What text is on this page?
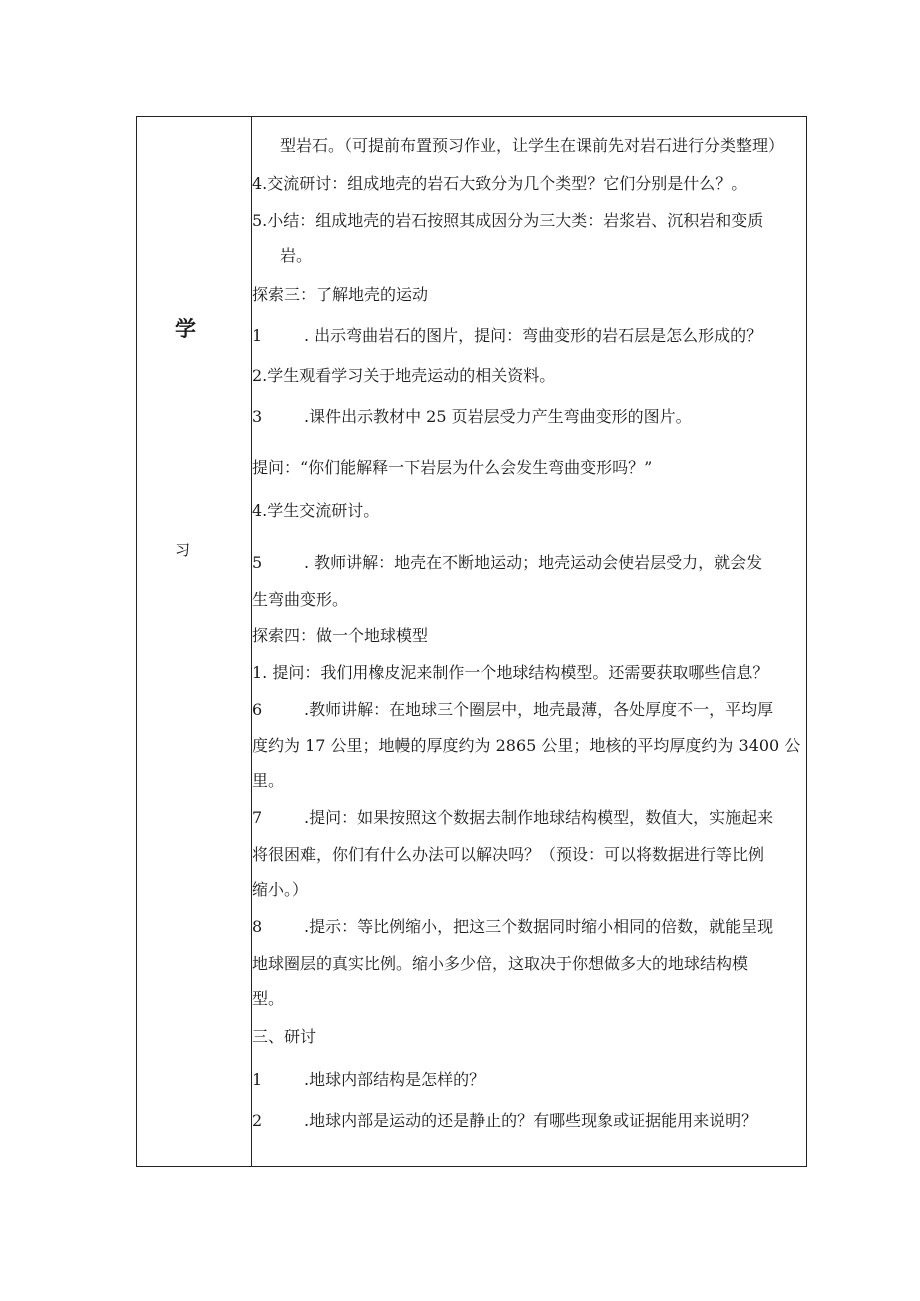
学
习
型岩石。（可提前布置预习作业，让学生在课前先对岩石进行分类整理）
4.交流研讨：组成地壳的岩石大致分为几个类型？它们分别是什么？。
5.小结：组成地壳的岩石按照其成因分为三大类：岩浆岩、沉积岩和变质
岩。
探索三：了解地壳的运动
1	. 出示弯曲岩石的图片，提问：弯曲变形的岩石层是怎么形成的？
2.学生观看学习关于地壳运动的相关资料。
3	.课件出示教材中 25 页岩层受力产生弯曲变形的图片。
提问：“你们能解释一下岩层为什么会发生弯曲变形吗？”
4.学生交流研讨。
5	. 教师讲解：地壳在不断地运动；地壳运动会使岩层受力，就会发
生弯曲变形。
探索四：做一个地球模型
1. 提问：我们用橡皮泥来制作一个地球结构模型。还需要获取哪些信息？
6	.教师讲解：在地球三个圈层中，地壳最薄，各处厚度不一，平均厚
度约为 17 公里；地幔的厚度约为 2865 公里；地核的平均厚度约为 3400 公
里。
7	.提问：如果按照这个数据去制作地球结构模型，数值大，实施起来
将很困难，你们有什么办法可以解决吗？（预设：可以将数据进行等比例
缩小。）
8	.提示：等比例缩小，把这三个数据同时缩小相同的倍数，就能呈现
地球圈层的真实比例。缩小多少倍，这取决于你想做多大的地球结构模
型。
三、研讨
1	.地球内部结构是怎样的？
2	.地球内部是运动的还是静止的？有哪些现象或证据能用来说明？
